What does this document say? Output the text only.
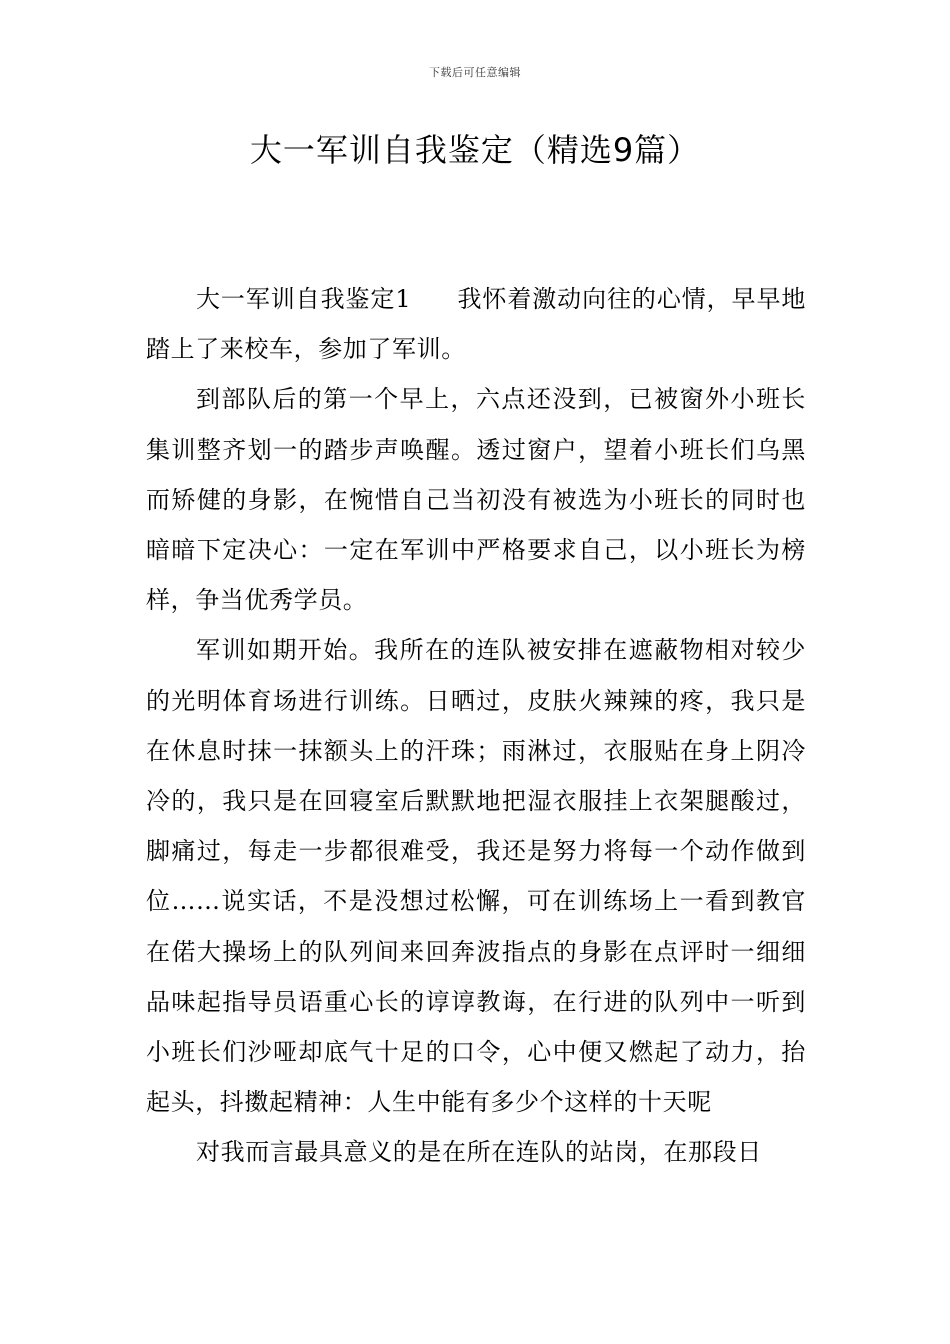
下载后可任意编辑
大一军训自我鉴定（精选9篇）

大一军训自我鉴定1 我怀着激动向往的心情，早早地踏上了来校车，参加了军训。

到部队后的第一个早上，六点还没到，已被窗外小班长集训整齐划一的踏步声唤醒。透过窗户，望着小班长们乌黑而矫健的身影，在惋惜自己当初没有被选为小班长的同时也暗暗下定决心：一定在军训中严格要求自己，以小班长为榜样，争当优秀学员。

军训如期开始。我所在的连队被安排在遮蔽物相对较少的光明体育场进行训练。日晒过，皮肤火辣辣的疼，我只是在休息时抹一抹额头上的汗珠；雨淋过，衣服贴在身上阴冷冷的，我只是在回寝室后默默地把湿衣服挂上衣架腿酸过，脚痛过，每走一步都很难受，我还是努力将每一个动作做到位……说实话，不是没想过松懈，可在训练场上一看到教官在偌大操场上的队列间来回奔波指点的身影在点评时一细细品味起指导员语重心长的谆谆教诲，在行进的队列中一听到小班长们沙哑却底气十足的口令，心中便又燃起了动力，抬起头，抖擞起精神：人生中能有多少个这样的十天呢

对我而言最具意义的是在所在连队的站岗，在那段日
